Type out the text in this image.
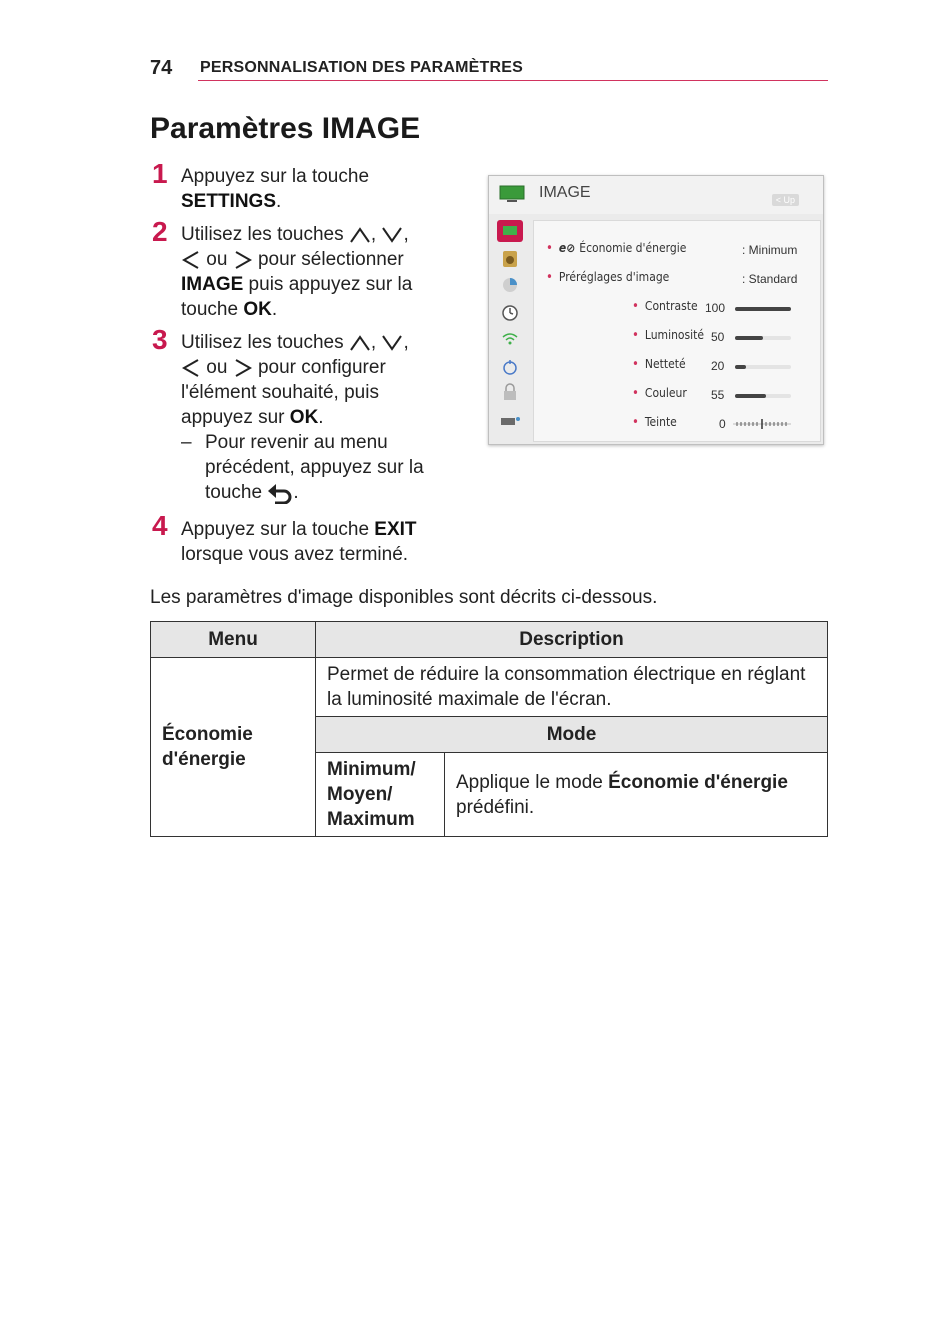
74 PERSONNALISATION DES PARAMÈTRES
Paramètres IMAGE
1 Appuyez sur la touche
SETTINGS.
2 Utilisez les touches , ,
ou pour sélectionner
IMAGE puis appuyez sur la touche OK.
3 Utilisez les touches , ,
ou pour configurer l'élément souhaité, puis appuyez sur OK.
– Pour revenir au menu précédent, appuyez sur la touche .
4 Appuyez sur la touche EXIT lorsque vous avez terminé.
IMAGE	< Up
• e⊘ Économie d'énergie	: Minimum
• Préréglages d'image	: Standard
• Contraste 100
• Luminosité 50
• Netteté 20
• Couleur 55
• Teinte	0
Les paramètres d'image disponibles sont décrits ci-dessous.
Menu	Description	
Économie d'énergie	Permet de réduire la consommation électrique en réglant la luminosité maximale de l'écran.	
	Mode	
	Minimum/ Moyen/ Maximum	Applique le mode Économie d'énergie prédéfini.
